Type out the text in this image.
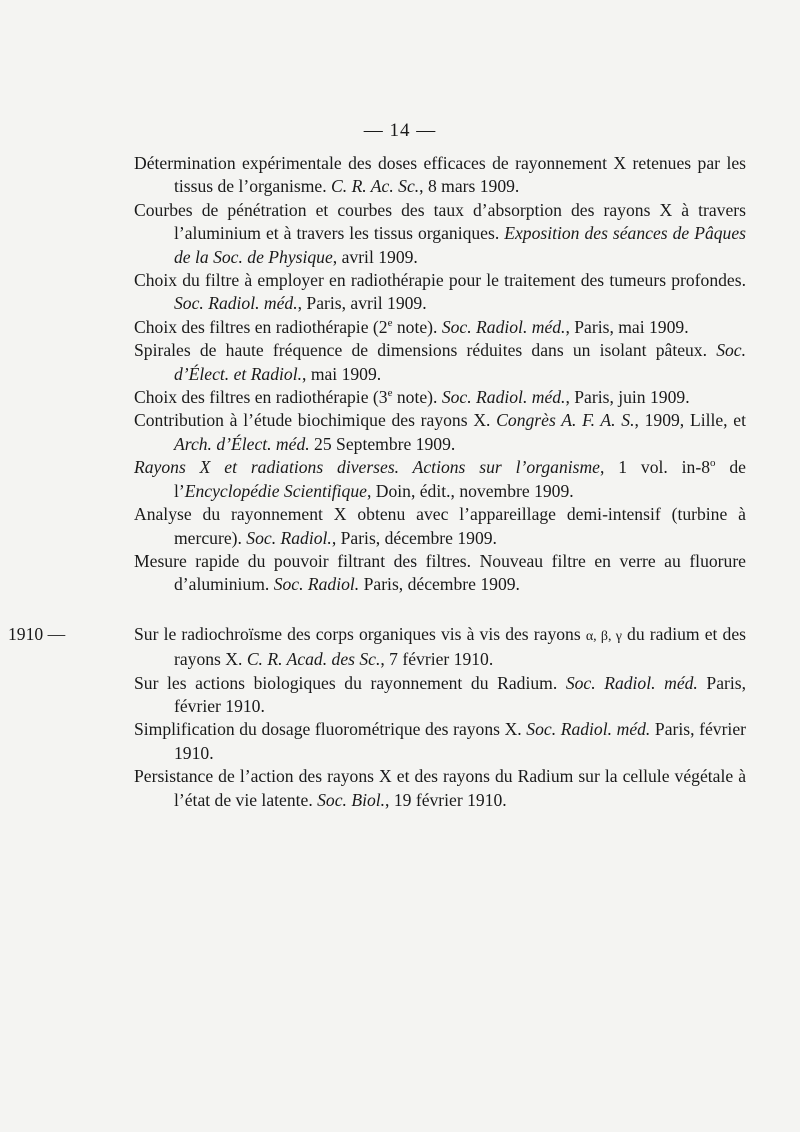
— 14 —
Détermination expérimentale des doses efficaces de rayonnement X retenues par les tissus de l’organisme. C. R. Ac. Sc., 8 mars 1909.
Courbes de pénétration et courbes des taux d’absorption des rayons X à travers l’aluminium et à travers les tissus organiques. Exposition des séances de Pâques de la Soc. de Physique, avril 1909.
Choix du filtre à employer en radiothérapie pour le traitement des tumeurs profondes. Soc. Radiol. méd., Paris, avril 1909.
Choix des filtres en radiothérapie (2e note). Soc. Radiol. méd., Paris, mai 1909.
Spirales de haute fréquence de dimensions réduites dans un isolant pâteux. Soc. d’Élect. et Radiol., mai 1909.
Choix des filtres en radiothérapie (3e note). Soc. Radiol. méd., Paris, juin 1909.
Contribution à l’étude biochimique des rayons X. Congrès A. F. A. S., 1909, Lille, et Arch. d’Élect. méd. 25 Septembre 1909.
Rayons X et radiations diverses. Actions sur l’organisme, 1 vol. in-8$^o$ de l’Encyclopédie Scientifique, Doin, édit., novembre 1909.
Analyse du rayonnement X obtenu avec l’appareillage demi-intensif (turbine à mercure). Soc. Radiol., Paris, décembre 1909.
Mesure rapide du pouvoir filtrant des filtres. Nouveau filtre en verre au fluorure d’aluminium. Soc. Radiol. Paris, décembre 1909.
1910 —	Sur le radiochroïsme des corps organiques vis à vis des rayons α, β, γ du radium et des rayons X. C. R. Acad. des Sc., 7 février 1910.
Sur les actions biologiques du rayonnement du Radium. Soc. Radiol. méd. Paris, février 1910.
Simplification du dosage fluorométrique des rayons X. Soc. Radiol. méd. Paris, février 1910.
Persistance de l’action des rayons X et des rayons du Radium sur la cellule végétale à l’état de vie latente. Soc. Biol., 19 février 1910.
